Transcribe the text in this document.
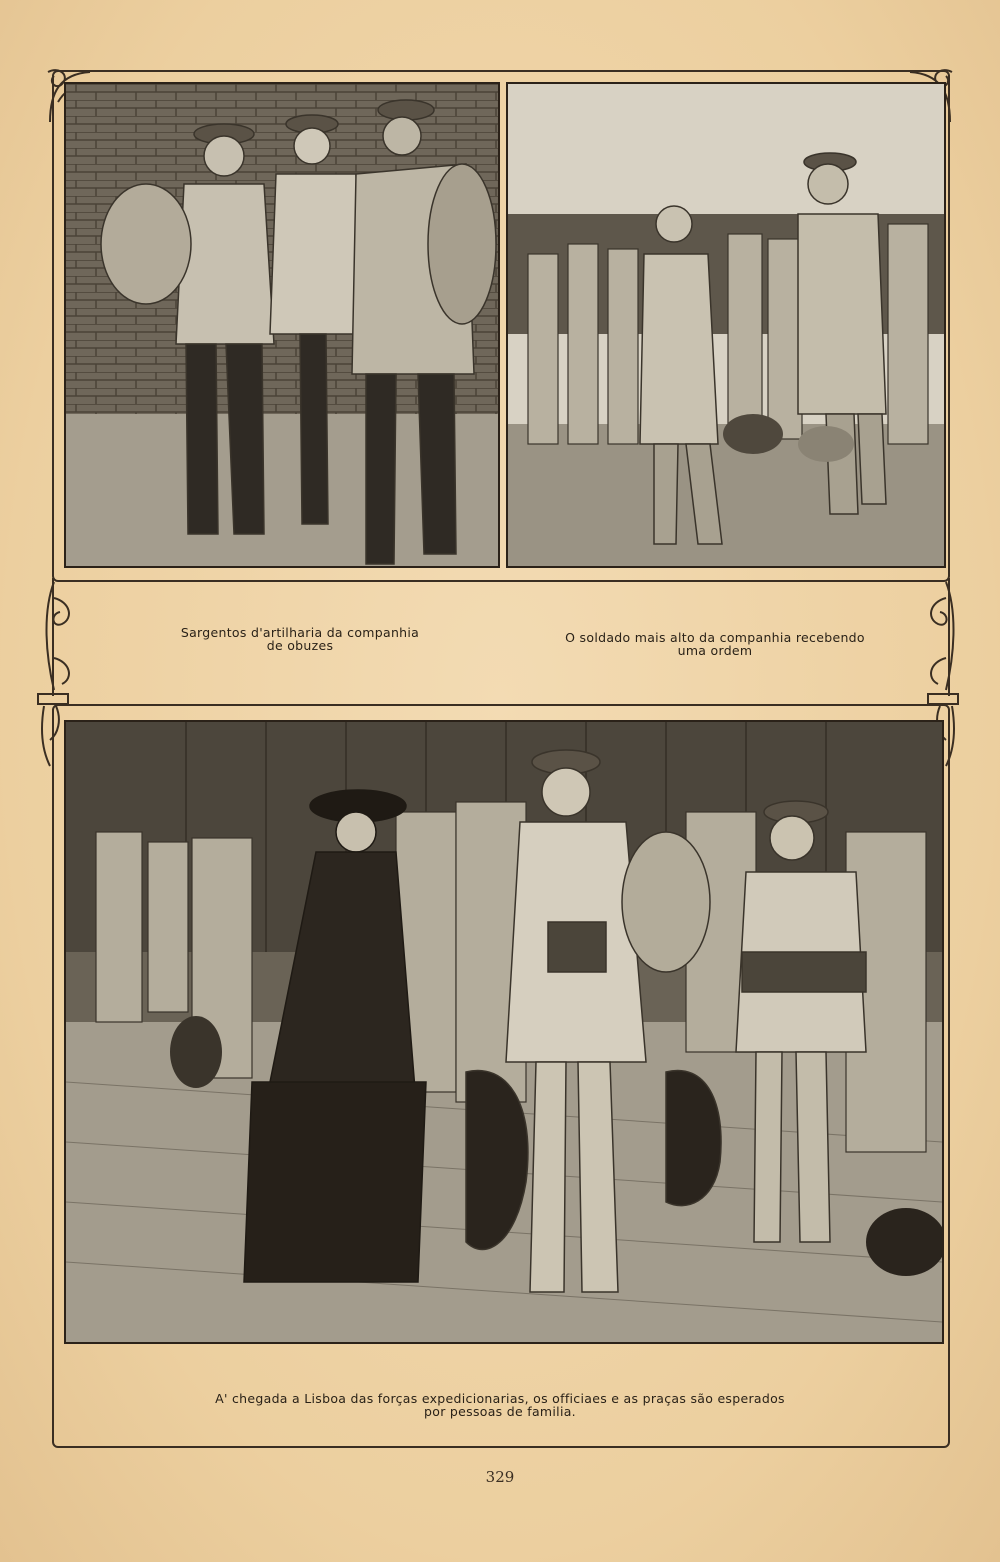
Sargentos d'artilharia da companhia
de obuzes
O soldado mais alto da companhia recebendo
uma ordem
A' chegada a Lisboa das forças expedicionarias, os officiaes e as praças são esperados
por pessoas de familia.
329
